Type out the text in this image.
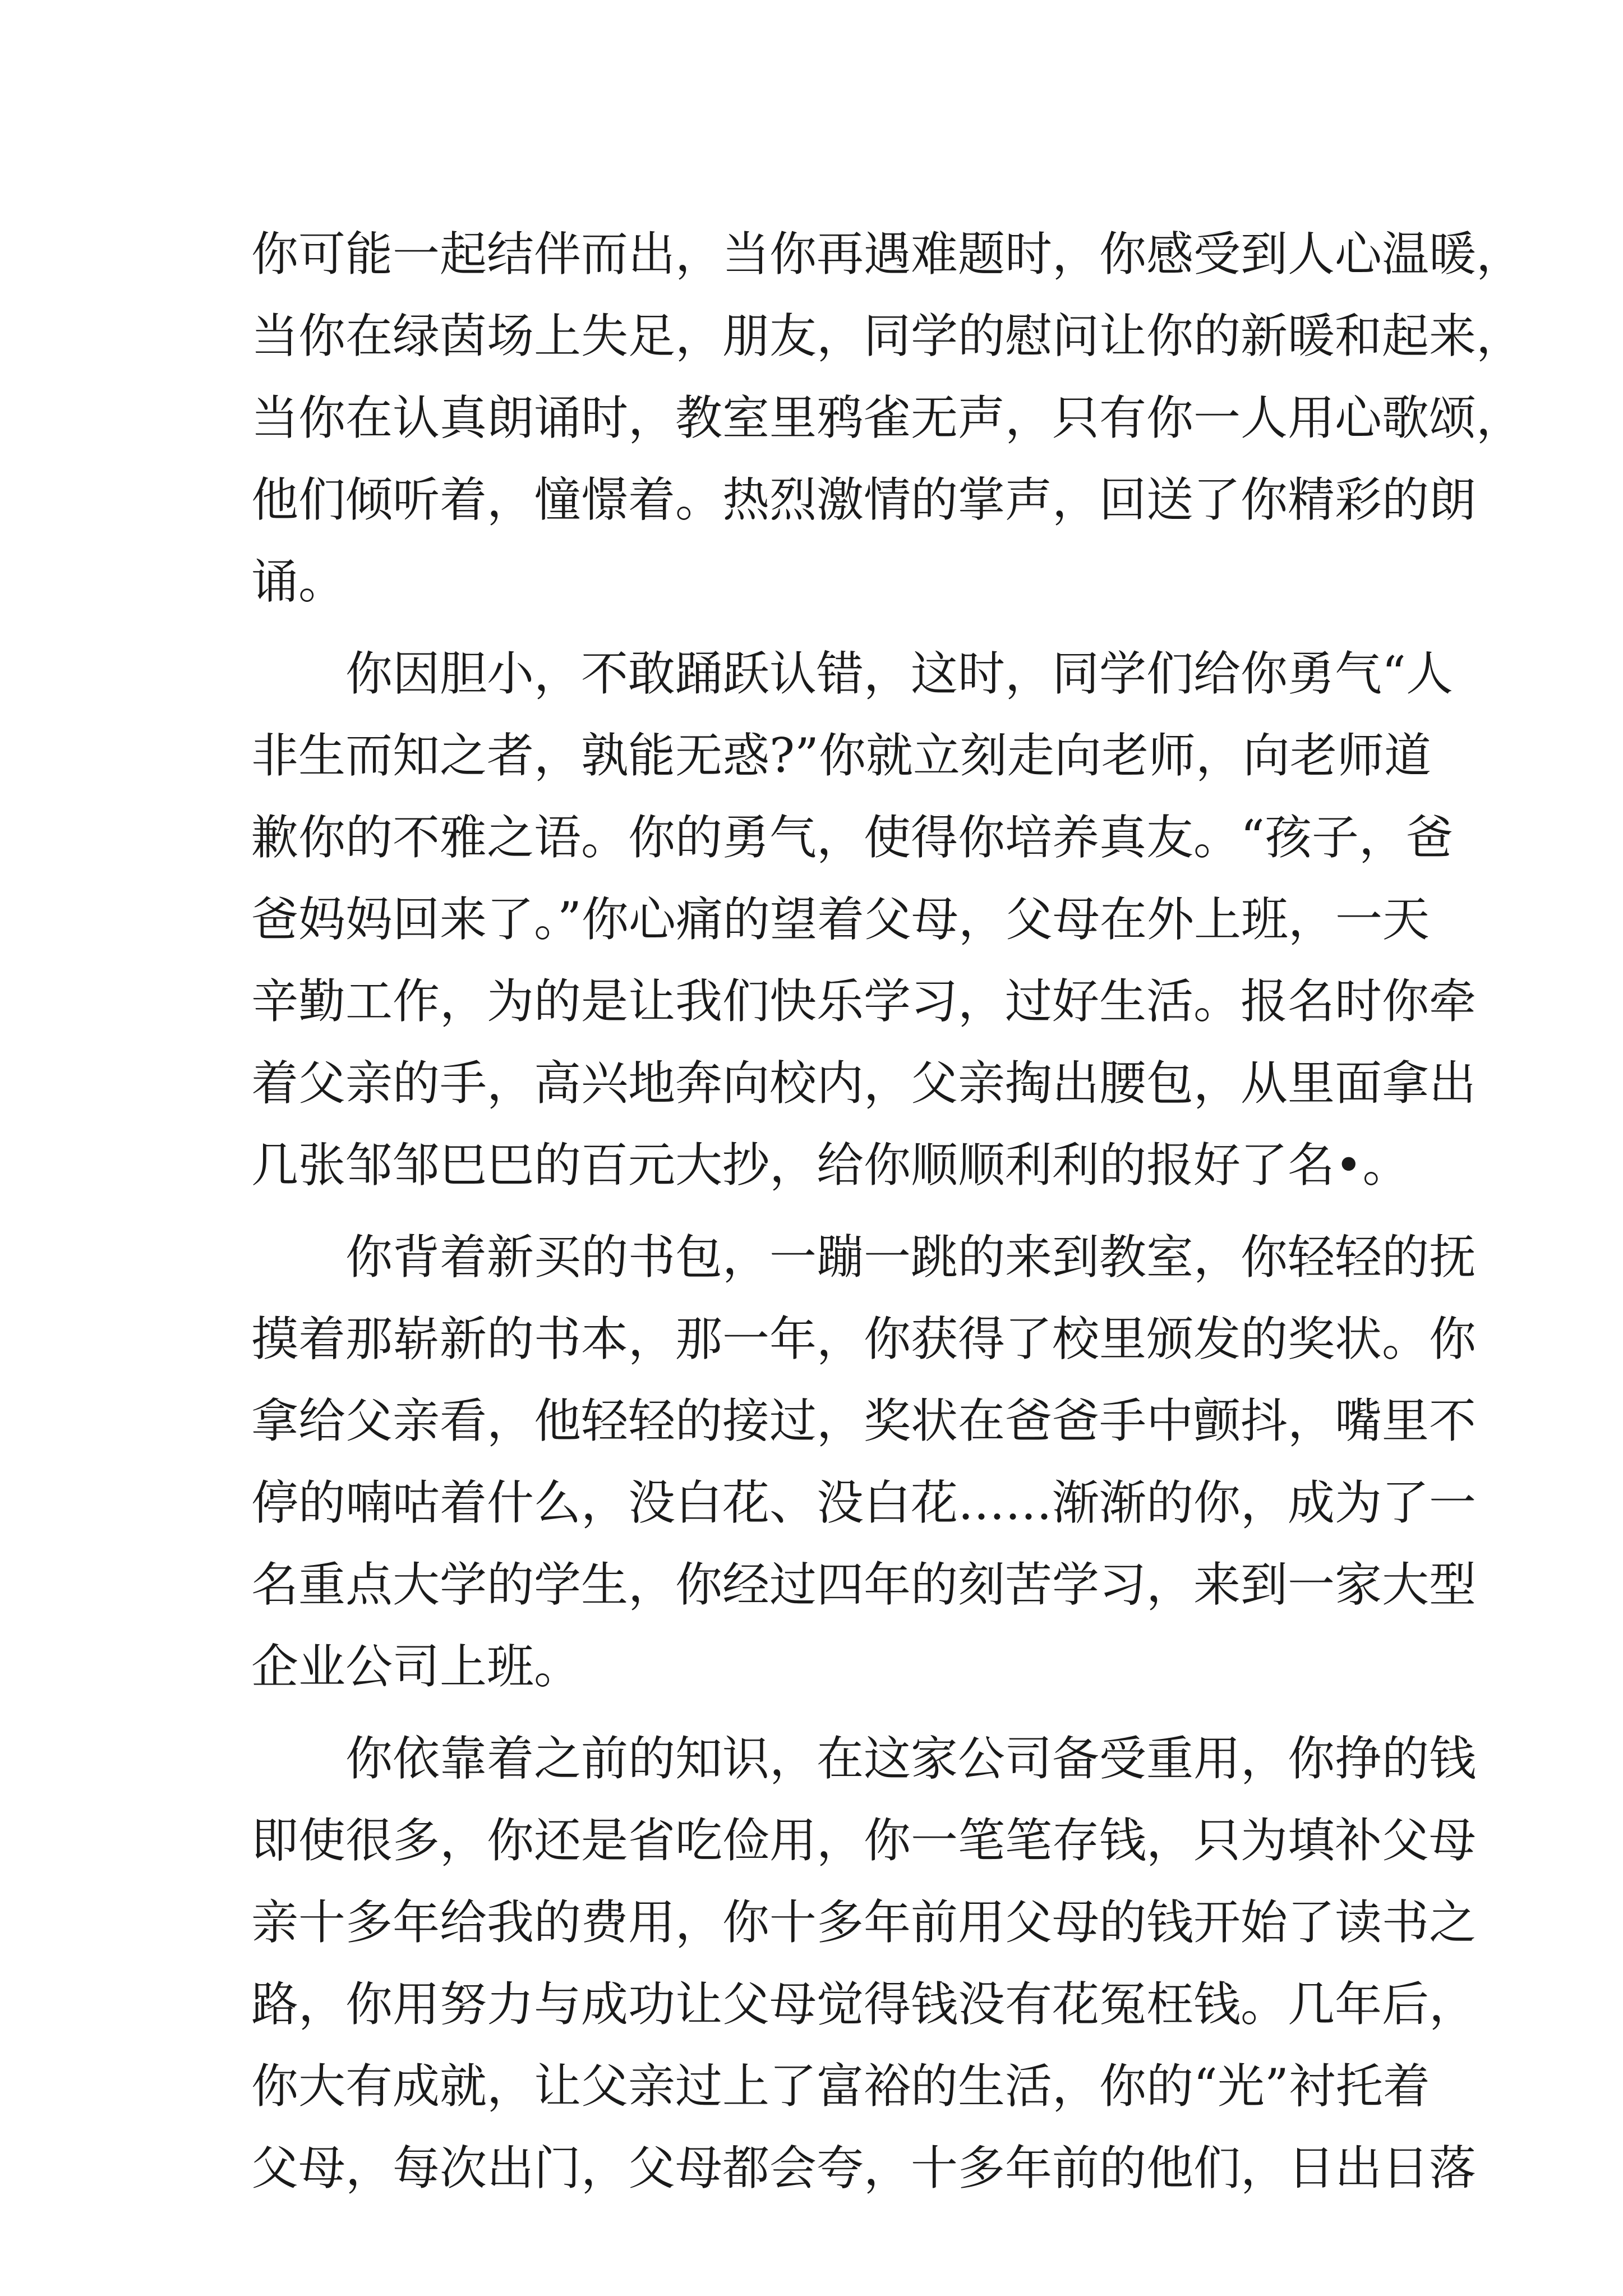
你可能一起结伴而出，当你再遇难题时，你感受到人心温暖，
当你在绿茵场上失足，朋友，同学的慰问让你的新暖和起来，
当你在认真朗诵时，教室里鸦雀无声，只有你一人用心歌颂，
他们倾听着，憧憬着。热烈激情的掌声，回送了你精彩的朗
诵。
你因胆小，不敢踊跃认错，这时，同学们给你勇气“人
非生而知之者，孰能无惑?”你就立刻走向老师，向老师道
歉你的不雅之语。你的勇气，使得你培养真友。“孩子，爸
爸妈妈回来了。”你心痛的望着父母，父母在外上班，一天
辛勤工作，为的是让我们快乐学习，过好生活。报名时你牵
着父亲的手，高兴地奔向校内，父亲掏出腰包，从里面拿出
几张邹邹巴巴的百元大抄，给你顺顺利利的报好了名•。
你背着新买的书包，一蹦一跳的来到教室，你轻轻的抚
摸着那崭新的书本，那一年，你获得了校里颁发的奖状。你
拿给父亲看，他轻轻的接过，奖状在爸爸手中颤抖，嘴里不
停的喃咕着什么，没白花、没白花……渐渐的你，成为了一
名重点大学的学生，你经过四年的刻苦学习，来到一家大型
企业公司上班。
你依靠着之前的知识，在这家公司备受重用，你挣的钱
即使很多，你还是省吃俭用，你一笔笔存钱，只为填补父母
亲十多年给我的费用，你十多年前用父母的钱开始了读书之
路，你用努力与成功让父母觉得钱没有花冤枉钱。几年后，
你大有成就，让父亲过上了富裕的生活，你的“光”衬托着
父母，每次出门，父母都会夸，十多年前的他们，日出日落
